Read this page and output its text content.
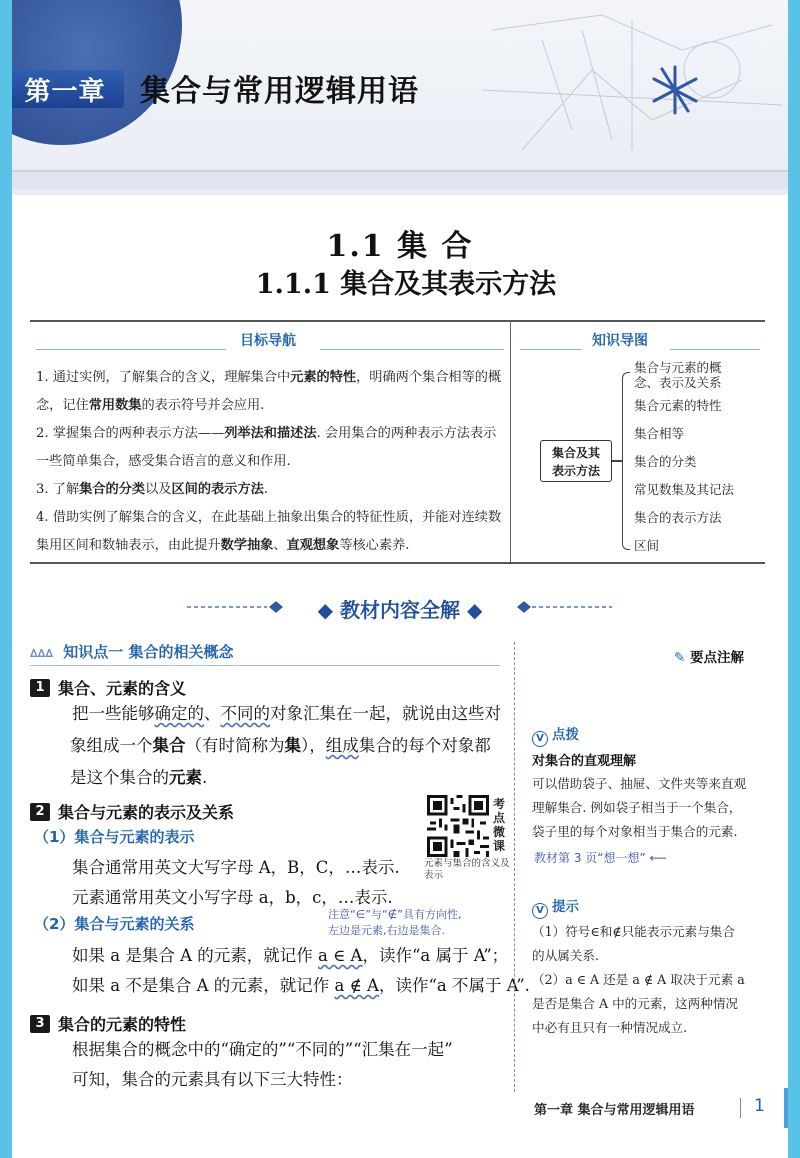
第一章	集合与常用逻辑用语
1.1 集 合
1.1.1 集合及其表示方法
目标导航
1. 通过实例，了解集合的含义，理解集合中元素的特性，明确两个集合相等的概念，记住常用数集的表示符号并会应用.
2. 掌握集合的两种表示方法——列举法和描述法. 会用集合的两种表示方法表示一些简单集合，感受集合语言的意义和作用.
3. 了解集合的分类以及区间的表示方法.
4. 借助实例了解集合的含义，在此基础上抽象出集合的特征性质，并能对连续数集用区间和数轴表示，由此提升数学抽象、直观想象等核心素养.
知识导图
集合及其
表示方法
集合与元素的概
念、表示及关系
集合元素的特性
集合相等
集合的分类
常见数集及其记法
集合的表示方法
区间
◆ 教材内容全解 ◆
∆∆∆ 知识点一 集合的相关概念
1 集合、元素的含义
把一些能够确定的、不同的对象汇集在一起，就说由这些对
象组成一个集合（有时简称为集），组成集合的每个对象都
是这个集合的元素.
2 集合与元素的表示及关系	考点微课
元素与集合的含义及表示
（1）集合与元素的表示
集合通常用英文大写字母 A，B，C，…表示.
元素通常用英文小写字母 a，b，c，…表示.
（2）集合与元素的关系
注意“∈”与“∉”具有方向性,
左边是元素,右边是集合.
如果 a 是集合 A 的元素，就记作 a ∈ A，读作“a 属于 A”；
如果 a 不是集合 A 的元素，就记作 a ∉ A，读作“a 不属于 A”.
3 集合的元素的特性
根据集合的概念中的“确定的”“不同的”“汇集在一起”
可知，集合的元素具有以下三大特性：
✎ 要点注解
V 点拨
对集合的直观理解
可以借助袋子、抽屉、文件夹等来直观
理解集合. 例如袋子相当于一个集合，
袋子里的每个对象相当于集合的元素.
教材第 3 页“想一想” ⟵
V 提示
（1）符号∈和∉只能表示元素与集合
的从属关系.
（2）a ∈ A 还是 a ∉ A 取决于元素 a
是否是集合 A 中的元素，这两种情况
中必有且只有一种情况成立.
第一章 集合与常用逻辑用语	1
